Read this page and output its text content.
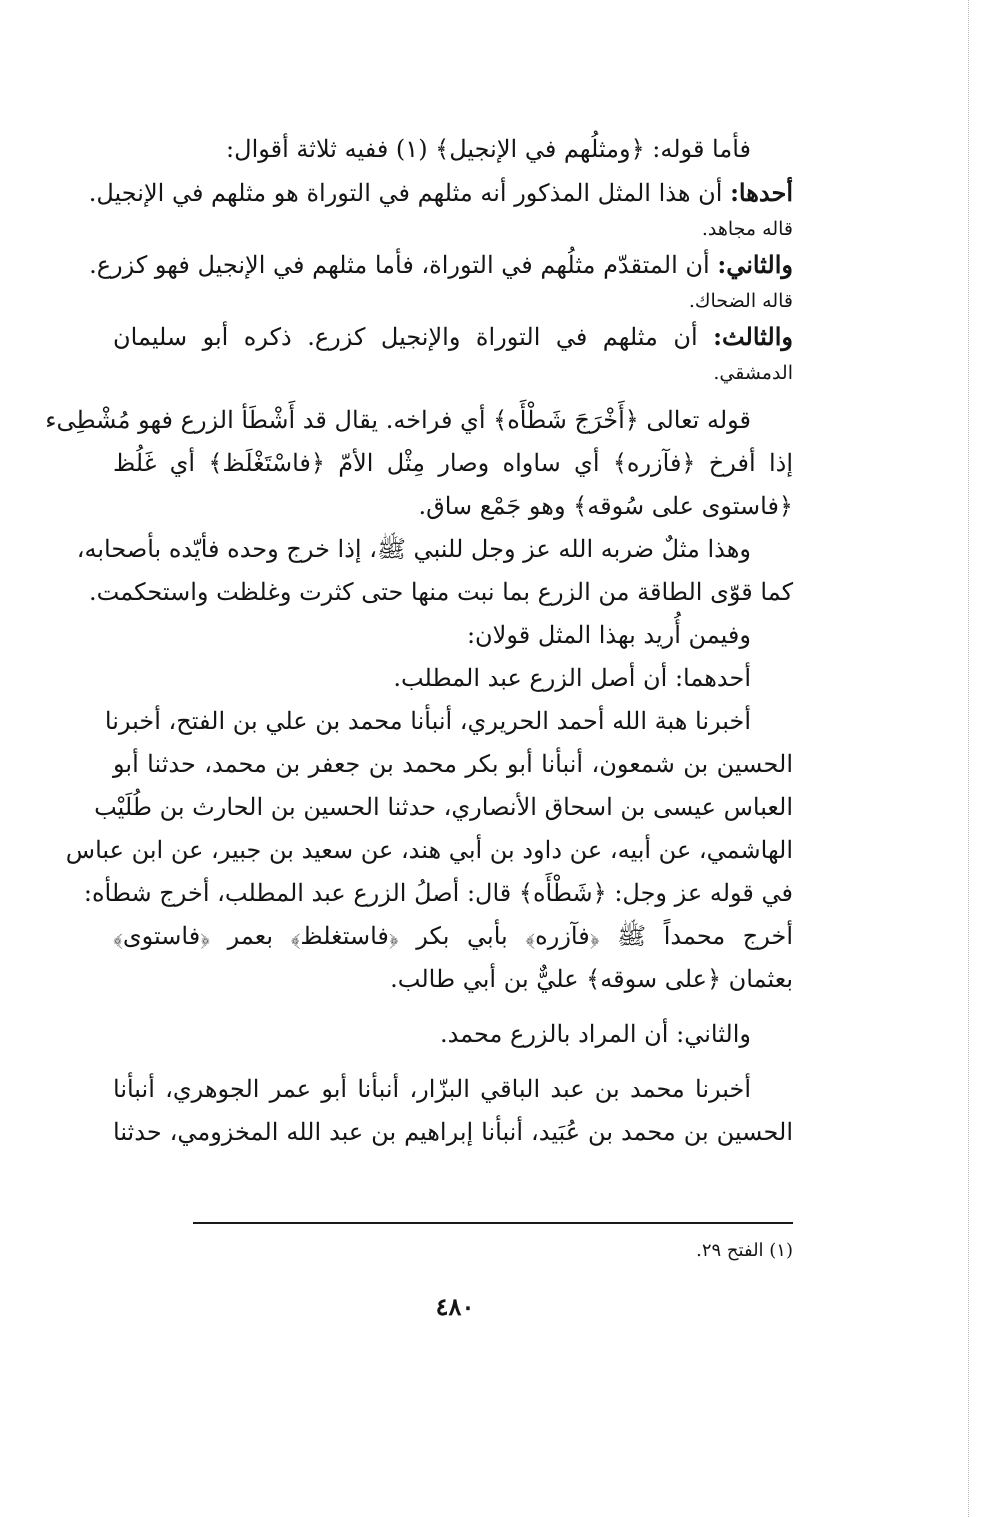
فأما قوله: ﴿ومثلُهم في الإنجيل﴾ (١) ففيه ثلاثة أقوال:

أحدها: أن هذا المثل المذكور أنه مثلهم في التوراة هو مثلهم في الإنجيل.

قاله مجاهد.

والثاني: أن المتقدّم مثلُهم في التوراة، فأما مثلهم في الإنجيل فهو كزرع.

قاله الضحاك.

والثالث: أن مثلهم في التوراة والإنجيل كزرع. ذكره أبو سليمان

الدمشقي.

قوله تعالى ﴿أَخْرَجَ شَطْأَه﴾ أي فراخه. يقال قد أَشْطَأ الزرع فهو مُشْطِىء

إذا أفرخ ﴿فآزره﴾ أي ساواه وصار مِثْل الأمّ ﴿فاسْتَغْلَظ﴾ أي غَلُظ

﴿فاستوى على سُوقه﴾ وهو جَمْع ساق.

وهذا مثلٌ ضربه الله عز وجل للنبي ﷺ، إذا خرج وحده فأيّده بأصحابه،

كما قوّى الطاقة من الزرع بما نبت منها حتى كثرت وغلظت واستحكمت.

وفيمن أُريد بهذا المثل قولان:

أحدهما: أن أصل الزرع عبد المطلب.

أخبرنا هبة الله أحمد الحريري، أنبأنا محمد بن علي بن الفتح، أخبرنا

الحسين بن شمعون، أنبأنا أبو بكر محمد بن جعفر بن محمد، حدثنا أبو

العباس عيسى بن اسحاق الأنصاري، حدثنا الحسين بن الحارث بن طُلَيْب

الهاشمي، عن أبيه، عن داود بن أبي هند، عن سعيد بن جبير، عن ابن عباس

في قوله عز وجل: ﴿شَطْأَه﴾ قال: أصلُ الزرع عبد المطلب، أخرج شطأه:

أخرج محمداً ﷺ ﴿فآزره﴾ بأبي بكر ﴿فاستغلظ﴾ بعمر ﴿فاستوى﴾

بعثمان ﴿على سوقه﴾ عليٌّ بن أبي طالب.

والثاني: أن المراد بالزرع محمد.

أخبرنا محمد بن عبد الباقي البزّار، أنبأنا أبو عمر الجوهري، أنبأنا

الحسين بن محمد بن عُبَيد، أنبأنا إبراهيم بن عبد الله المخزومي، حدثنا

(١) الفتح ٢٩.
٤٨٠
